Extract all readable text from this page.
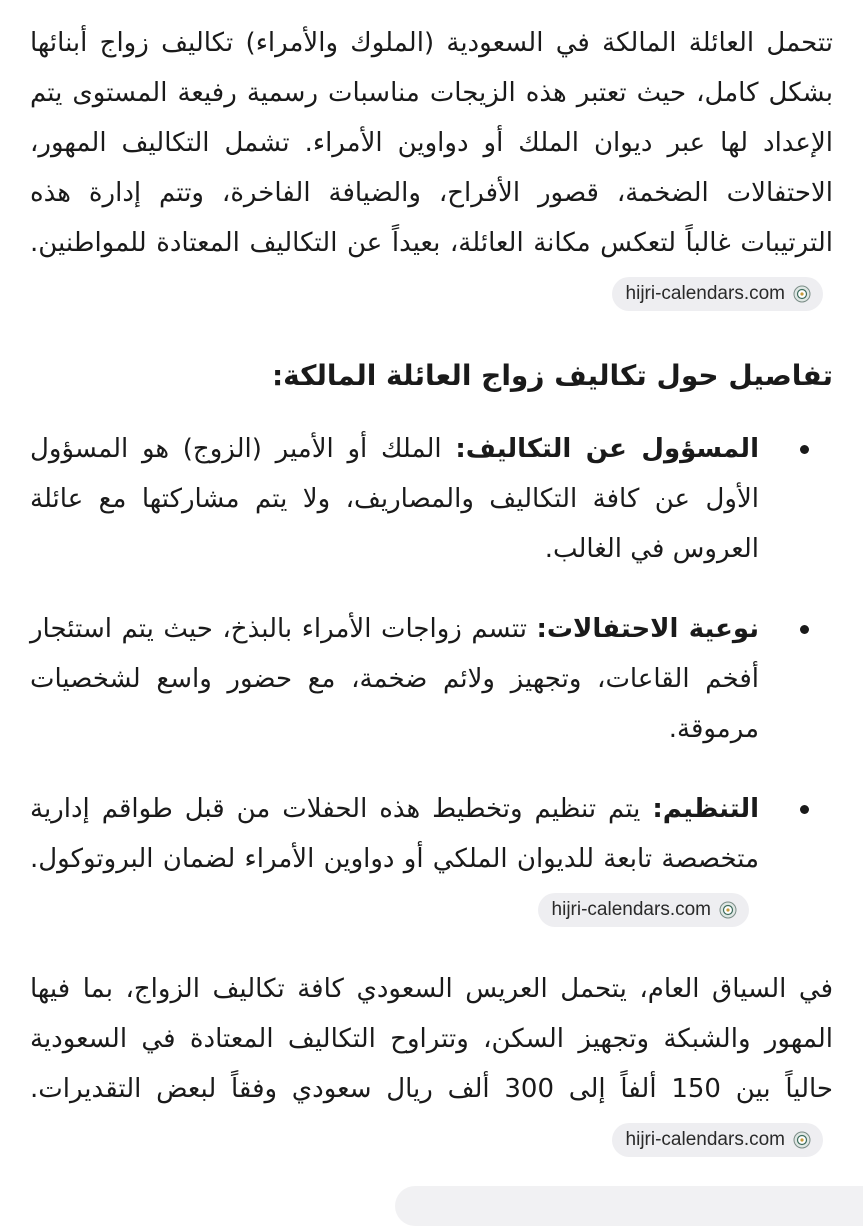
تتحمل العائلة المالكة في السعودية (الملوك والأمراء) تكاليف زواج أبنائها بشكل كامل، حيث تعتبر هذه الزيجات مناسبات رسمية رفيعة المستوى يتم الإعداد لها عبر ديوان الملك أو دواوين الأمراء. تشمل التكاليف المهور، الاحتفالات الضخمة، قصور الأفراح، والضيافة الفاخرة، وتتم إدارة هذه الترتيبات غالباً لتعكس مكانة العائلة، بعيداً عن التكاليف المعتادة للمواطنين.
hijri-calendars.com

تفاصيل حول تكاليف زواج العائلة المالكة:
المسؤول عن التكاليف: الملك أو الأمير (الزوج) هو المسؤول الأول عن كافة التكاليف والمصاريف، ولا يتم مشاركتها مع عائلة العروس في الغالب.
نوعية الاحتفالات: تتسم زواجات الأمراء بالبذخ، حيث يتم استئجار أفخم القاعات، وتجهيز ولائم ضخمة، مع حضور واسع لشخصيات مرموقة.
التنظيم: يتم تنظيم وتخطيط هذه الحفلات من قبل طواقم إدارية متخصصة تابعة للديوان الملكي أو دواوين الأمراء لضمان البروتوكول.
hijri-calendars.com

في السياق العام، يتحمل العريس السعودي كافة تكاليف الزواج، بما فيها المهور والشبكة وتجهيز السكن، وتتراوح التكاليف المعتادة في السعودية حالياً بين 150 ألفاً إلى 300 ألف ريال سعودي وفقاً لبعض التقديرات.
hijri-calendars.com
